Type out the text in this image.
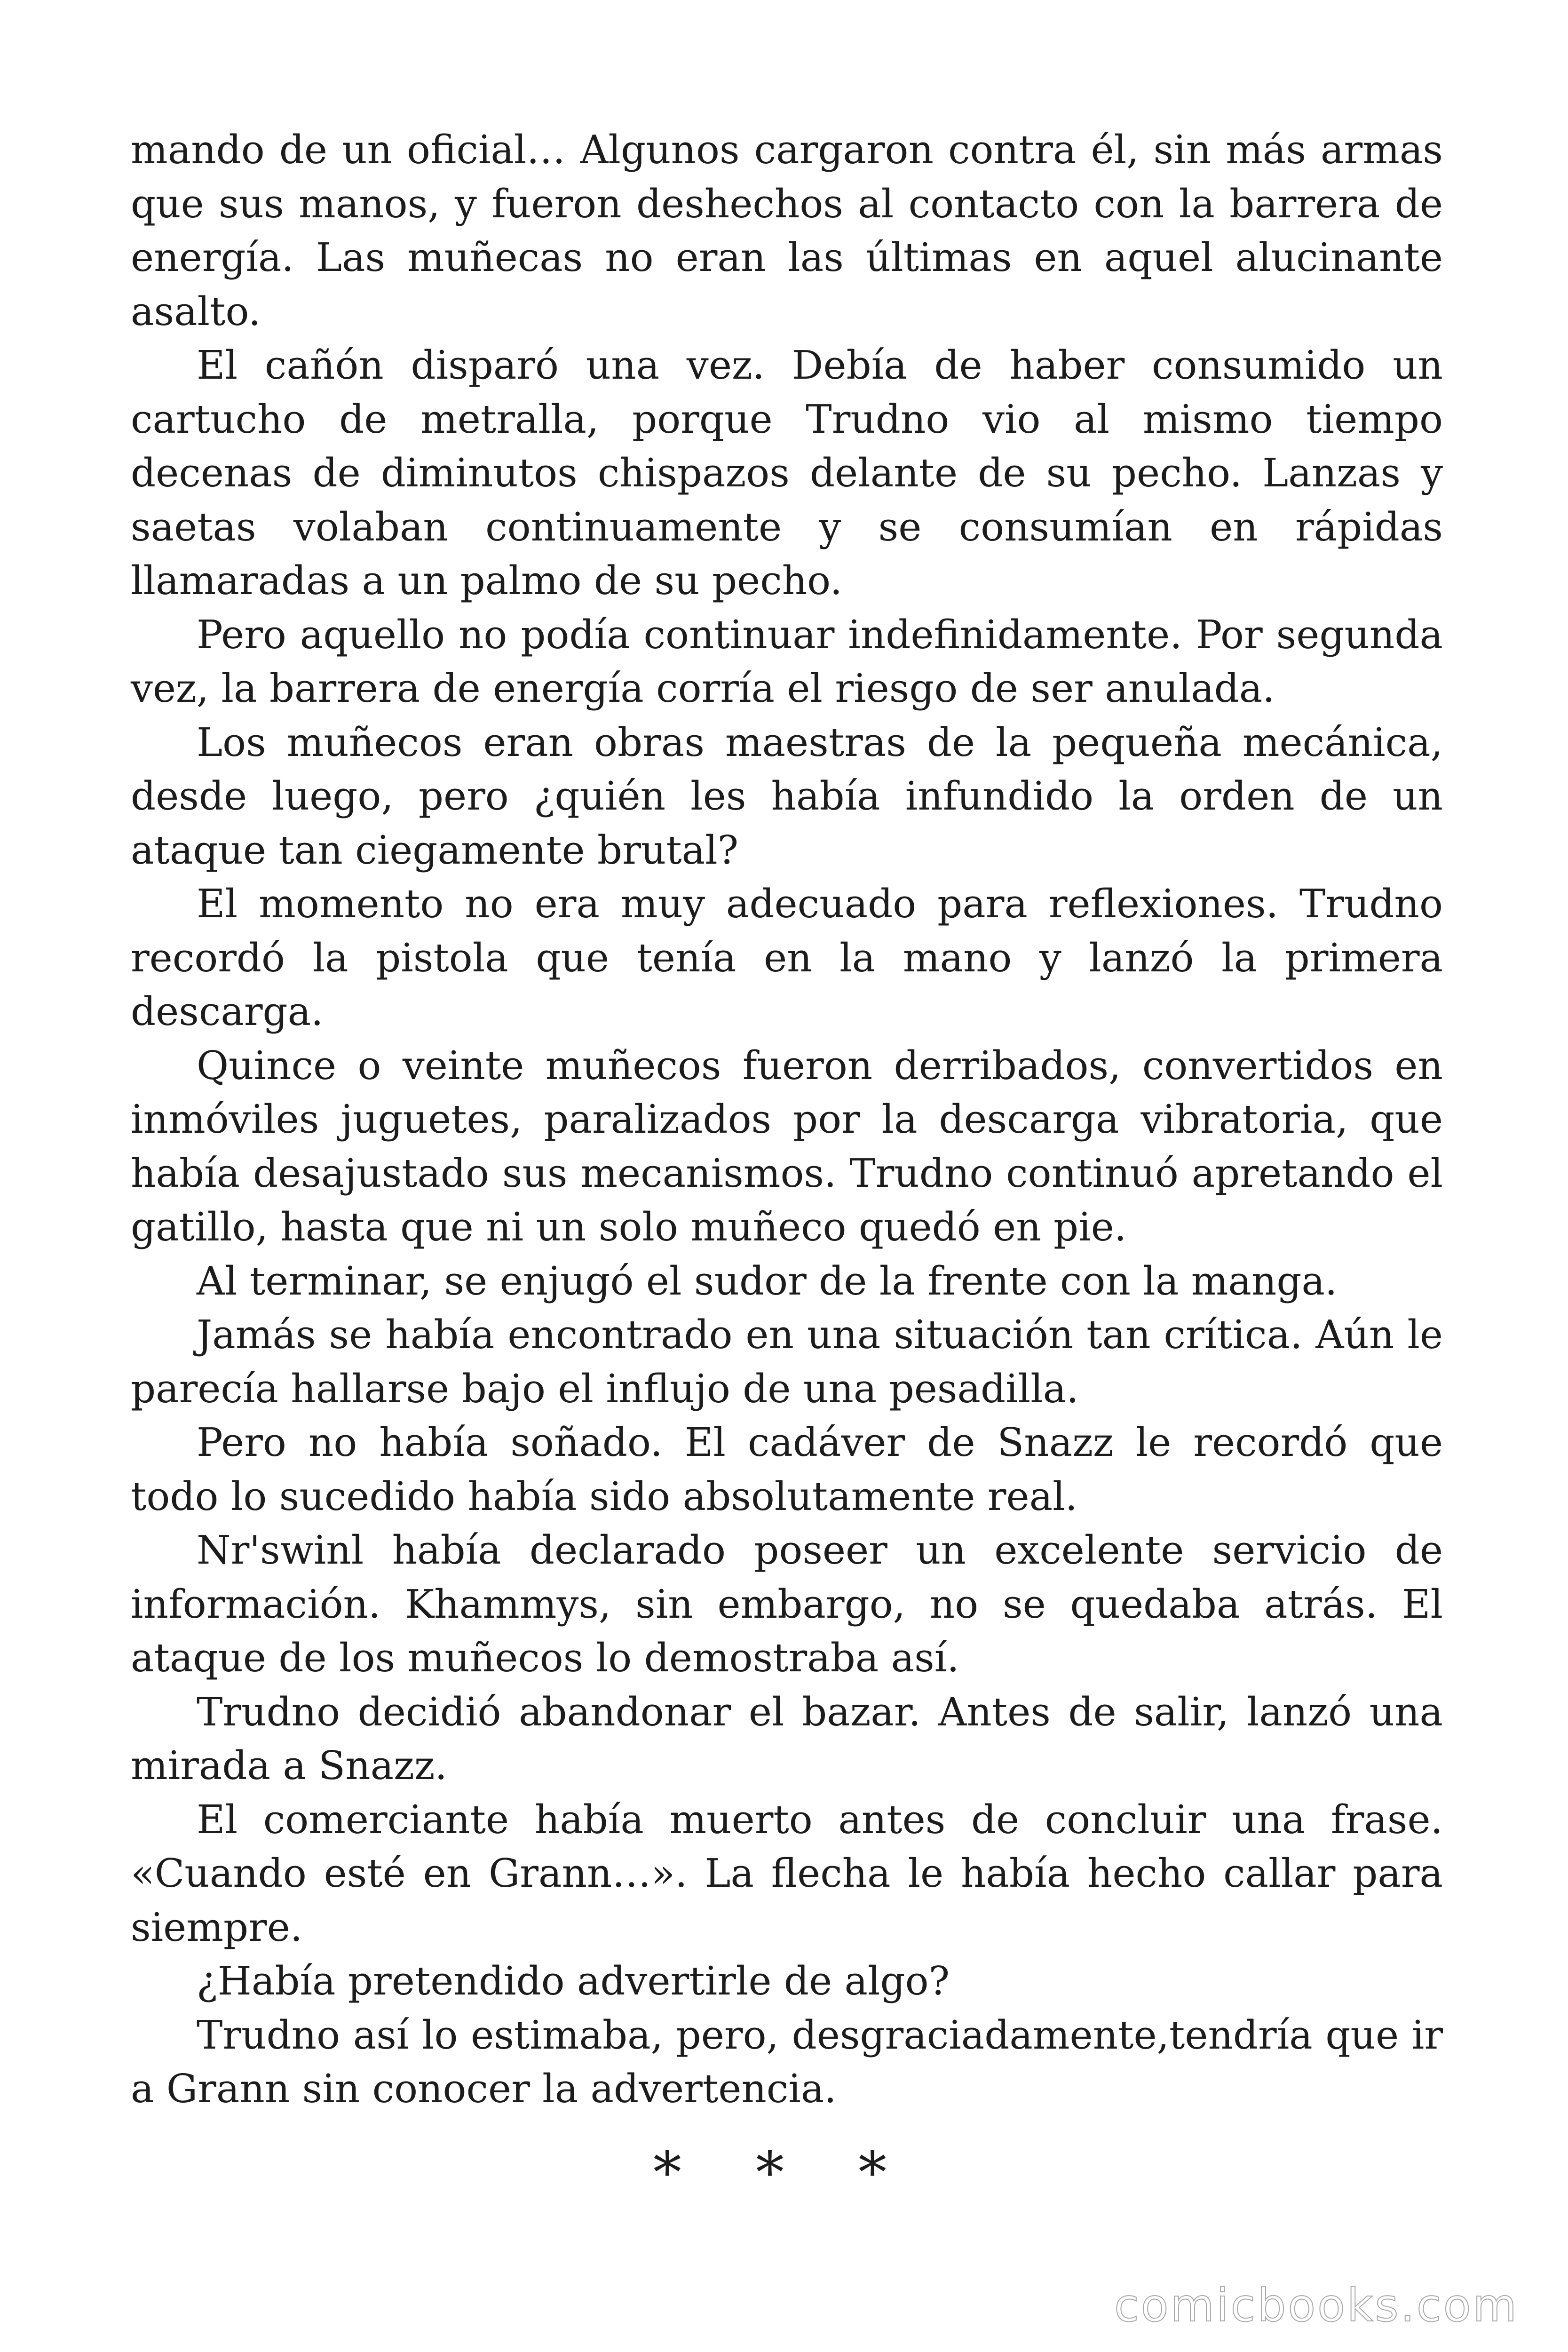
mando de un oficial… Algunos cargaron contra él, sin más armas que sus manos, y fueron deshechos al contacto con la barrera de energía. Las muñecas no eran las últimas en aquel alucinante asalto.

El cañón disparó una vez. Debía de haber consumido un cartucho de metralla, porque Trudno vio al mismo tiempo decenas de diminutos chispazos delante de su pecho. Lanzas y saetas volaban continuamente y se consumían en rápidas llamaradas a un palmo de su pecho.

Pero aquello no podía continuar indefinidamente. Por segunda vez, la barrera de energía corría el riesgo de ser anulada.

Los muñecos eran obras maestras de la pequeña mecánica, desde luego, pero ¿quién les había infundido la orden de un ataque tan ciegamente brutal?

El momento no era muy adecuado para reflexiones. Trudno recordó la pistola que tenía en la mano y lanzó la primera descarga.

Quince o veinte muñecos fueron derribados, convertidos en inmóviles juguetes, paralizados por la descarga vibratoria, que había desajustado sus mecanismos. Trudno continuó apretando el gatillo, hasta que ni un solo muñeco quedó en pie.

Al terminar, se enjugó el sudor de la frente con la manga.

Jamás se había encontrado en una situación tan crítica. Aún le parecía hallarse bajo el influjo de una pesadilla.

Pero no había soñado. El cadáver de Snazz le recordó que todo lo sucedido había sido absolutamente real.

Nr'swinl había declarado poseer un excelente servicio de información. Khammys, sin embargo, no se quedaba atrás. El ataque de los muñecos lo demostraba así.

Trudno decidió abandonar el bazar. Antes de salir, lanzó una mirada a Snazz.

El comerciante había muerto antes de concluir una frase. «Cuando esté en Grann…». La flecha le había hecho callar para siempre.

¿Había pretendido advertirle de algo?

Trudno así lo estimaba, pero, desgraciadamente,tendría que ir a Grann sin conocer la advertencia.

* * *
comicbooks.com
